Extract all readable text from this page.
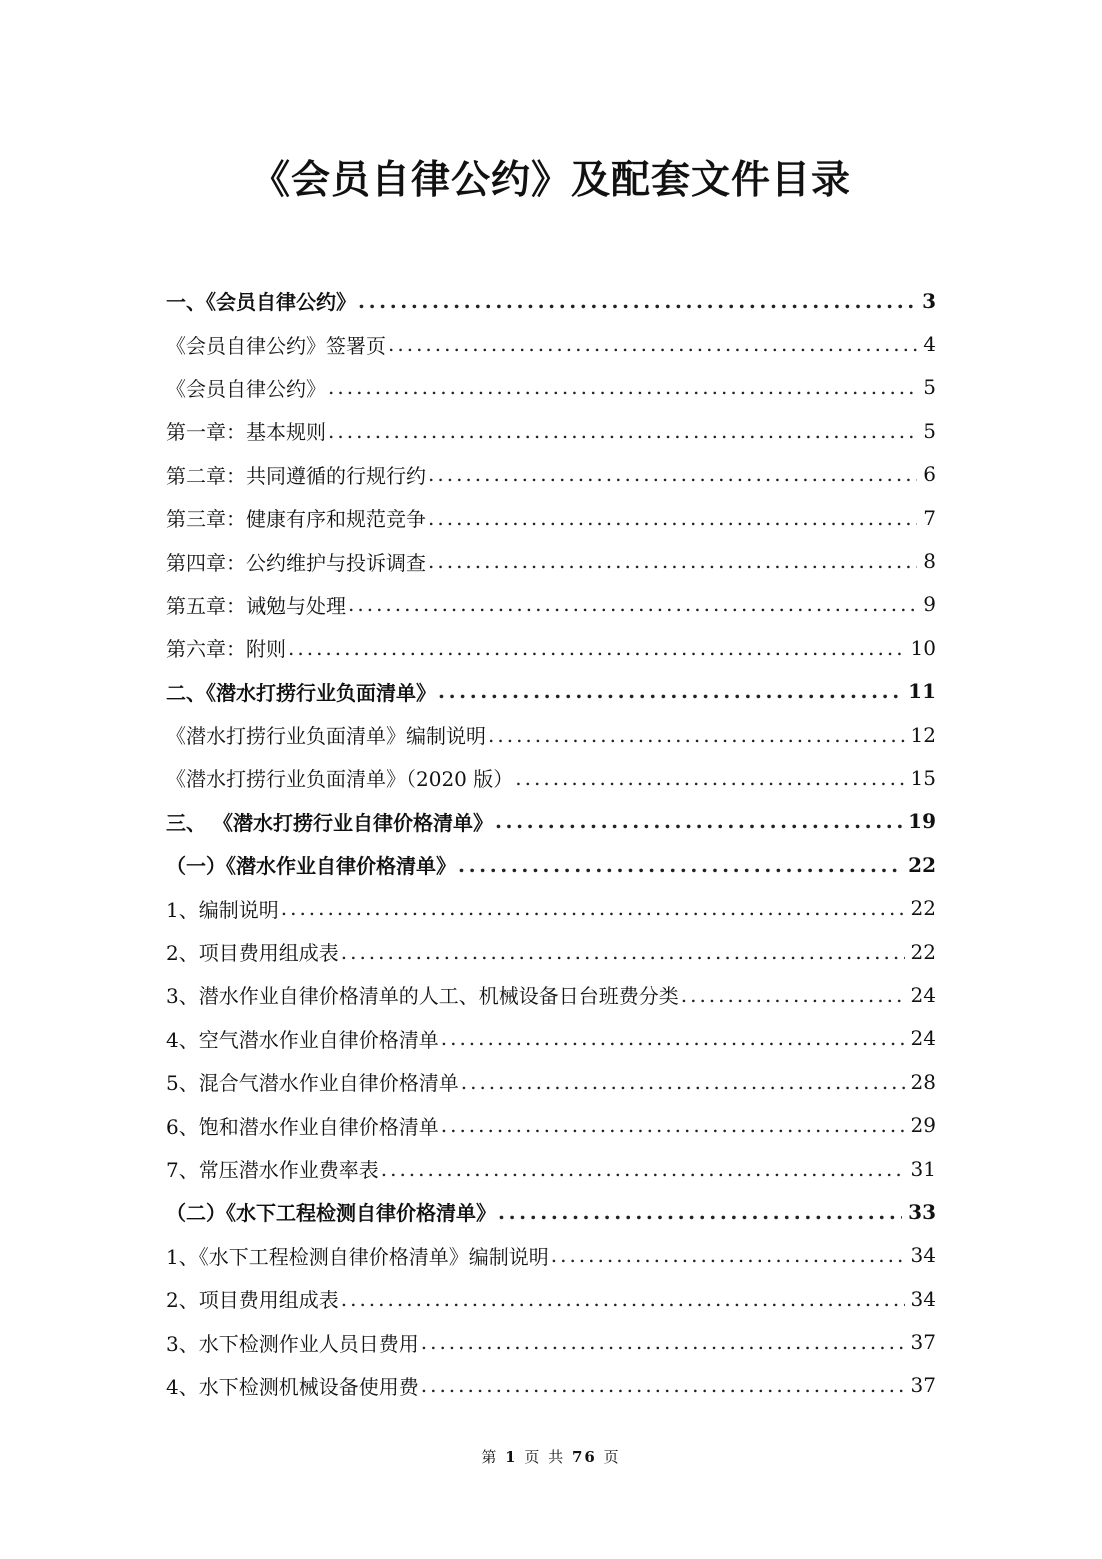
《会员自律公约》及配套文件目录
一、《会员自律公约》 .....	3
《会员自律公约》签署页 .....	4
《会员自律公约》 .....	5
第一章：基本规则 .....	5
第二章：共同遵循的行规行约 .....	6
第三章：健康有序和规范竞争 .....	7
第四章：公约维护与投诉调查 .....	8
第五章：诫勉与处理 .....	9
第六章：附则 .....	10
二、《潜水打捞行业负面清单》 .....	11
《潜水打捞行业负面清单》编制说明 .....	12
《潜水打捞行业负面清单》（2020 版） .....	15
三、 《潜水打捞行业自律价格清单》 .....	19
（一）《潜水作业自律价格清单》 .....	22
1、编制说明 .....	22
2、项目费用组成表 .....	22
3、潜水作业自律价格清单的人工、机械设备日台班费分类 .....	24
4、空气潜水作业自律价格清单 .....	24
5、混合气潜水作业自律价格清单 .....	28
6、饱和潜水作业自律价格清单 .....	29
7、常压潜水作业费率表 .....	31
（二）《水下工程检测自律价格清单》 .....	33
1、《水下工程检测自律价格清单》编制说明 .....	34
2、项目费用组成表 .....	34
3、水下检测作业人员日费用 .....	37
4、水下检测机械设备使用费 .....	37
第 1 页 共 76 页
